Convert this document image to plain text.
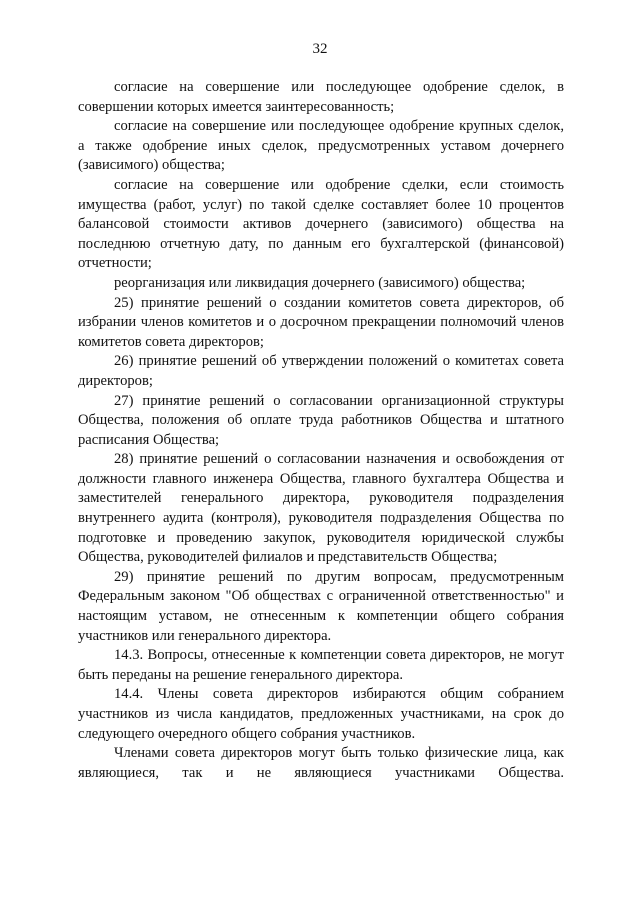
32

согласие на совершение или последующее одобрение сделок, в совершении которых имеется заинтересованность;

согласие на совершение или последующее одобрение крупных сделок, а также одобрение иных сделок, предусмотренных уставом дочернего (зависимого) общества;

согласие на совершение или одобрение сделки, если стоимость имущества (работ, услуг) по такой сделке составляет более 10 процентов балансовой стоимости активов дочернего (зависимого) общества на последнюю отчетную дату, по данным его бухгалтерской (финансовой) отчетности;

реорганизация или ликвидация дочернего (зависимого) общества;

25) принятие решений о создании комитетов совета директоров, об избрании членов комитетов и о досрочном прекращении полномочий членов комитетов совета директоров;

26) принятие решений об утверждении положений о комитетах совета директоров;

27) принятие решений о согласовании организационной структуры Общества, положения об оплате труда работников Общества и штатного расписания Общества;

28) принятие решений о согласовании назначения и освобождения от должности главного инженера Общества, главного бухгалтера Общества и заместителей генерального директора, руководителя подразделения внутреннего аудита (контроля), руководителя подразделения Общества по подготовке и проведению закупок, руководителя юридической службы Общества, руководителей филиалов и представительств Общества;

29) принятие решений по другим вопросам, предусмотренным Федеральным законом "Об обществах с ограниченной ответственностью" и настоящим уставом, не отнесенным к компетенции общего собрания участников или генерального директора.

14.3. Вопросы, отнесенные к компетенции совета директоров, не могут быть переданы на решение генерального директора.

14.4. Члены совета директоров избираются общим собранием участников из числа кандидатов, предложенных участниками, на срок до следующего очередного общего собрания участников.

Членами совета директоров могут быть только физические лица, как являющиеся, так и не являющиеся участниками Общества.
